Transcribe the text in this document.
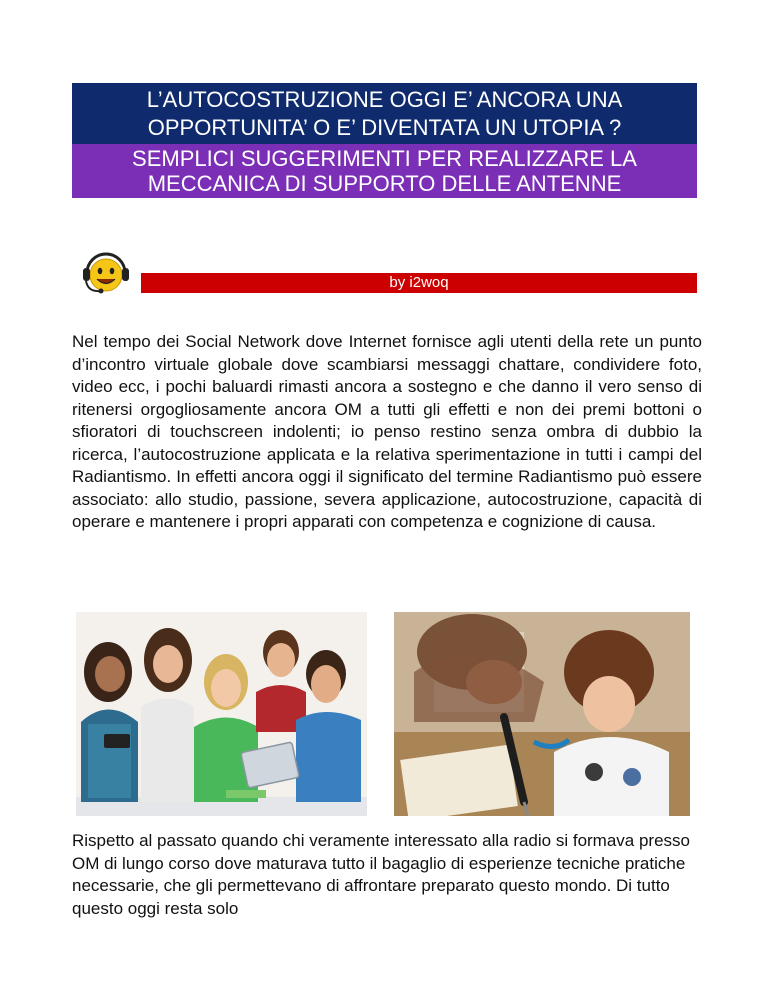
L’AUTOCOSTRUZIONE OGGI E’ ANCORA UNA
OPPORTUNITA’ O E’ DIVENTATA UN UTOPIA ?
SEMPLICI SUGGERIMENTI PER REALIZZARE LA
MECCANICA DI SUPPORTO DELLE ANTENNE
by i2woq

Nel tempo dei Social Network dove Internet fornisce agli utenti della rete un punto d’incontro virtuale globale dove scambiarsi messaggi chattare, condividere foto, video ecc, i pochi baluardi rimasti ancora a sostegno e che danno il vero senso di ritenersi orgogliosamente ancora OM a tutti gli effetti e non dei premi bottoni o sfioratori di touchscreen indolenti; io penso restino senza ombra di dubbio la ricerca, l’autocostruzione applicata e la relativa sperimentazione in tutti i campi del Radiantismo. In effetti ancora oggi il significato del termine Radiantismo può essere associato: allo studio, passione, severa applicazione, autocostruzione, capacità di operare e mantenere i propri apparati con competenza e cognizione di causa.

Rispetto al passato quando chi veramente interessato alla radio si formava presso OM di lungo corso dove maturava tutto il bagaglio di esperienze tecniche pratiche necessarie, che gli permettevano di affrontare preparato questo mondo. Di tutto questo oggi resta solo
